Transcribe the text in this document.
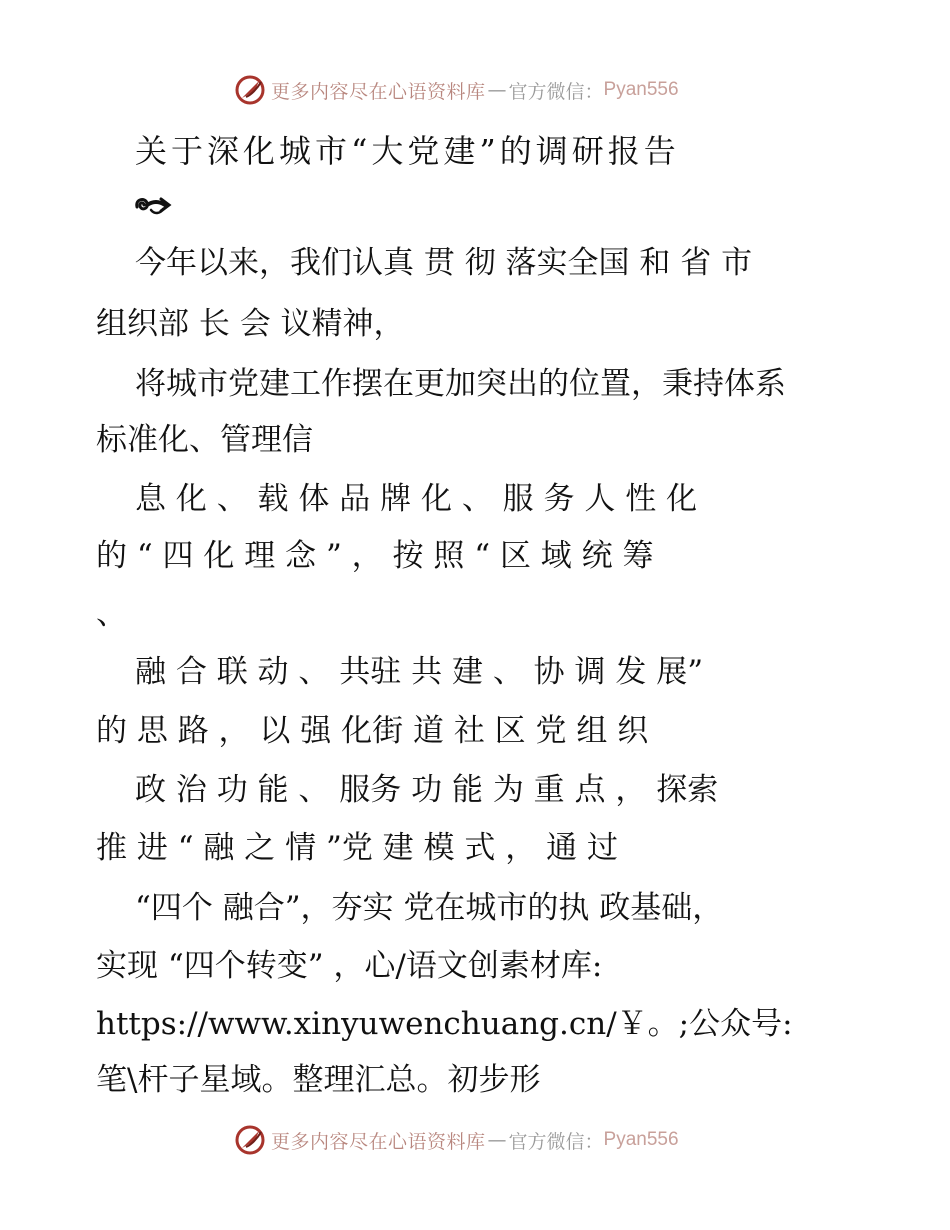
更多内容尽在心语资料库 — 官方微信： Pyan556
关于深化城市“大党建”的调研报告
今年以来，我们认真 贯 彻 落实全国 和 省 市
组织部 长 会 议精神，
将城市党建工作摆在更加突出的位置，秉持体系
标准化、管理信
息 化 、 载 体 品 牌 化 、 服 务 人 性 化
的 “ 四 化 理 念 ” ， 按 照 “ 区 域 统 筹
、
融 合 联 动 、 共驻 共 建 、 协 调 发 展”
的 思 路 ， 以 强 化街 道 社 区 党 组 织
政 治 功 能 、 服务 功 能 为 重 点 ， 探索
推 进 “ 融 之 情 ”党 建 模 式 ， 通 过
“四个 融合”，夯实 党在城市的执 政基础，
实现 “四个转变” ，心/语文创素材库:
https://www.xinyuwenchuang.cn/￥。;公众号:
笔\杆子星域。整理汇总。初步形
更多内容尽在心语资料库 — 官方微信： Pyan556
